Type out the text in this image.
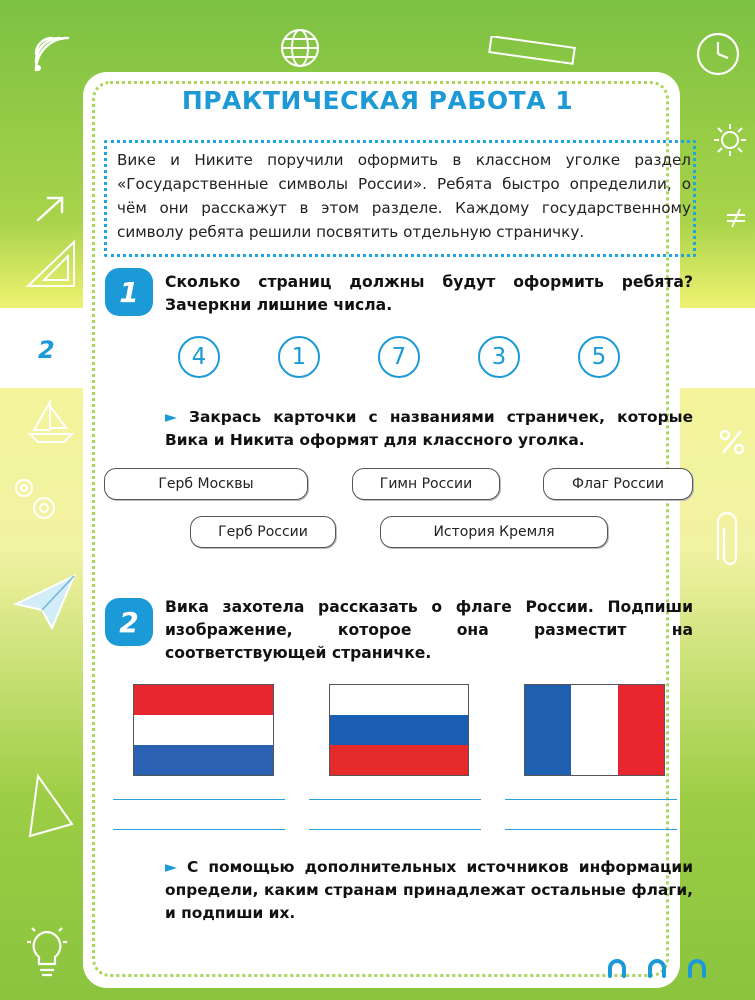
2
ПРАКТИЧЕСКАЯ РАБОТА 1

Вике и Никите поручили оформить в классном уголке раздел «Государственные символы России». Ребята быстро определили, о чём они расскажут в этом разделе. Каждому государственному символу ребята решили посвятить отдельную страничку.

1	Сколько страниц должны будут оформить ребята? Зачеркни лишние числа.

4	1	7	3	5

► Закрась карточки с названиями страничек, которые Вика и Никита оформят для классного уголка.

Герб Москвы	Гимн России	Флаг России
Герб России	История Кремля
2	Вика захотела рассказать о флаге России. Подпиши изображение, которое она разместит на соответствующей страничке.

► С помощью дополнительных источников информации определи, каким странам принадлежат остальные флаги, и подпиши их.
